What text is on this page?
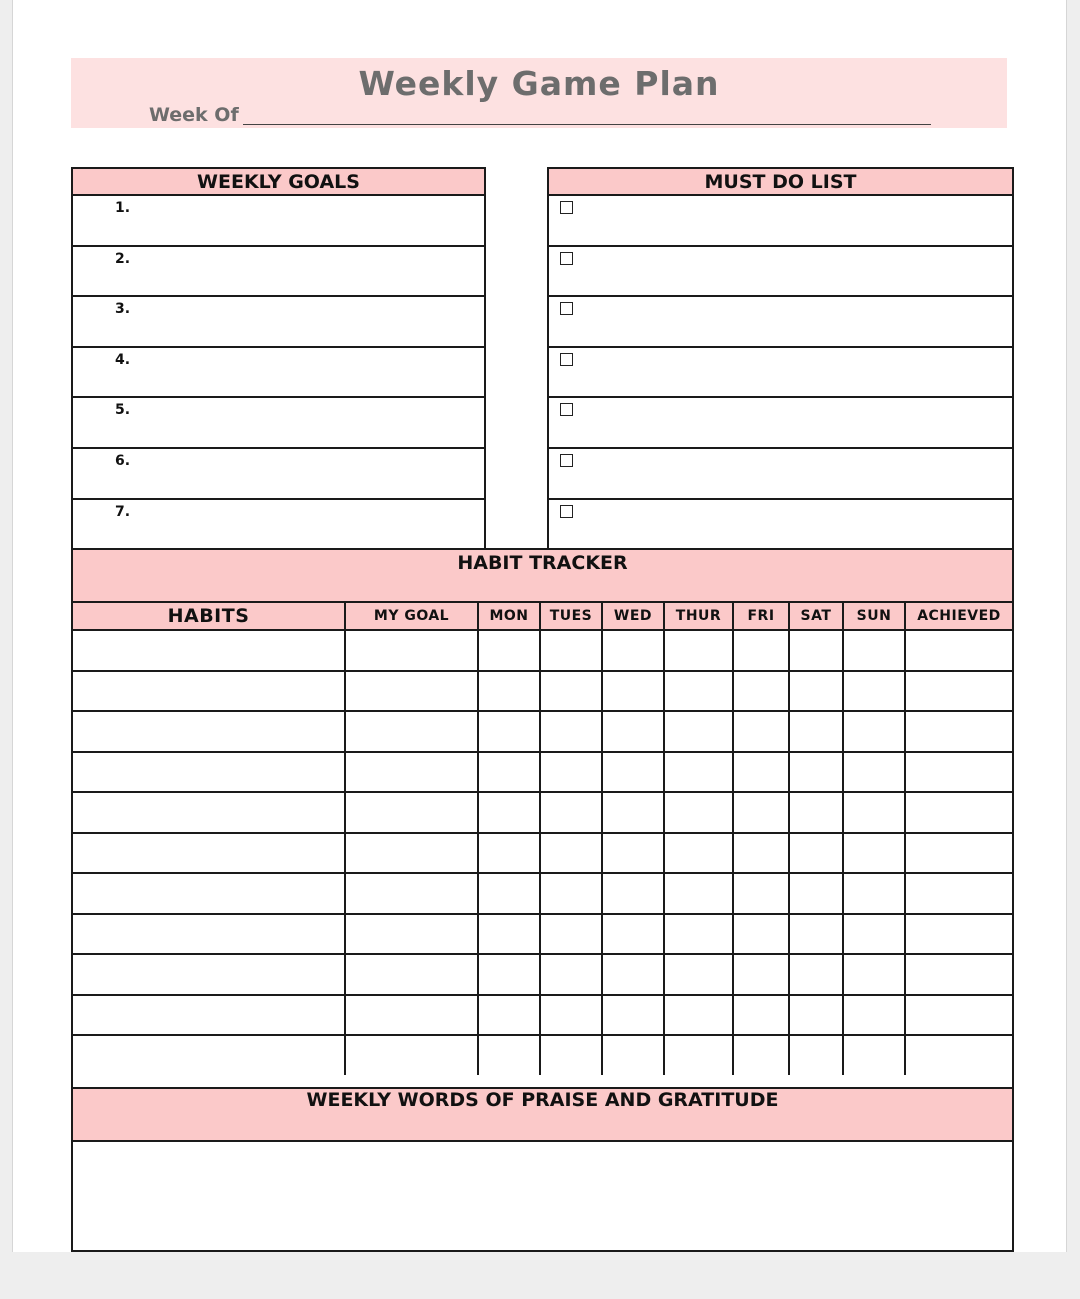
Weekly Game Plan
Week Of
WEEKLY GOALS
1.
2.
3.
4.
5.
6.
7.
MUST DO LIST
HABIT TRACKER
HABITS	MY GOAL	MON	TUES	WED	THUR	FRI	SAT	SUN	ACHIEVED

WEEKLY WORDS OF PRAISE AND GRATITUDE
